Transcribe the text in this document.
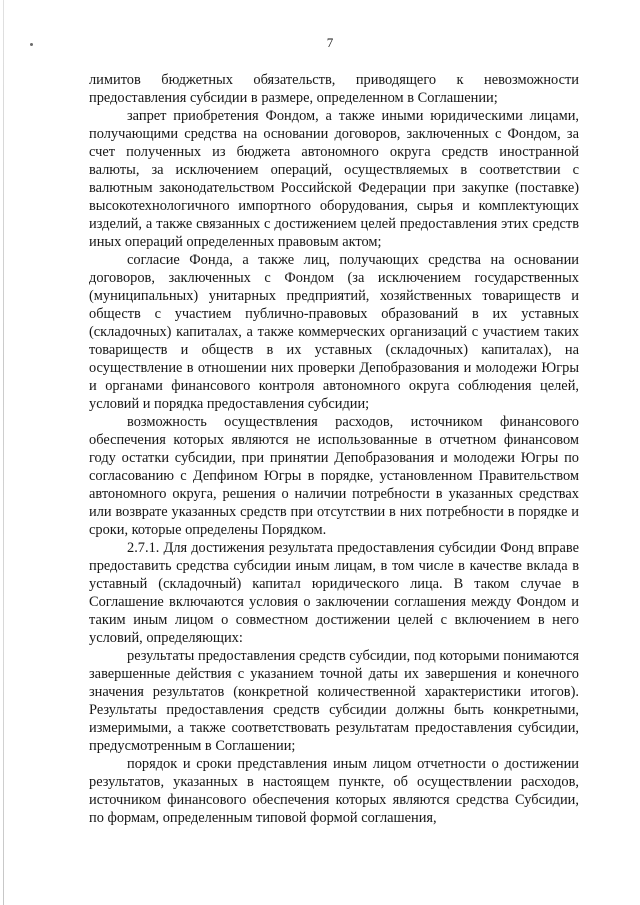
7

лимитов бюджетных обязательств, приводящего к невозможности предоставления субсидии в размере, определенном в Соглашении;

запрет приобретения Фондом, а также иными юридическими лицами, получающими средства на основании договоров, заключенных с Фондом, за счет полученных из бюджета автономного округа средств иностранной валюты, за исключением операций, осуществляемых в соответствии с валютным законодательством Российской Федерации при закупке (поставке) высокотехнологичного импортного оборудования, сырья и комплектующих изделий, а также связанных с достижением целей предоставления этих средств иных операций определенных правовым актом;

согласие Фонда, а также лиц, получающих средства на основании договоров, заключенных с Фондом (за исключением государственных (муниципальных) унитарных предприятий, хозяйственных товариществ и обществ с участием публично-правовых образований в их уставных (складочных) капиталах, а также коммерческих организаций с участием таких товариществ и обществ в их уставных (складочных) капиталах), на осуществление в отношении них проверки Депобразования и молодежи Югры и органами финансового контроля автономного округа соблюдения целей, условий и порядка предоставления субсидии;

возможность осуществления расходов, источником финансового обеспечения которых являются не использованные в отчетном финансовом году остатки субсидии, при принятии Депобразования и молодежи Югры по согласованию с Депфином Югры в порядке, установленном Правительством автономного округа, решения о наличии потребности в указанных средствах или возврате указанных средств при отсутствии в них потребности в порядке и сроки, которые определены Порядком.

2.7.1. Для достижения результата предоставления субсидии Фонд вправе предоставить средства субсидии иным лицам, в том числе в качестве вклада в уставный (складочный) капитал юридического лица. В таком случае в Соглашение включаются условия о заключении соглашения между Фондом и таким иным лицом о совместном достижении целей с включением в него условий, определяющих:

результаты предоставления средств субсидии, под которыми понимаются завершенные действия с указанием точной даты их завершения и конечного значения результатов (конкретной количественной характеристики итогов). Результаты предоставления средств субсидии должны быть конкретными, измеримыми, а также соответствовать результатам предоставления субсидии, предусмотренным в Соглашении;

порядок и сроки представления иным лицом отчетности о достижении результатов, указанных в настоящем пункте, об осуществлении расходов, источником финансового обеспечения которых являются средства Субсидии, по формам, определенным типовой формой соглашения,
